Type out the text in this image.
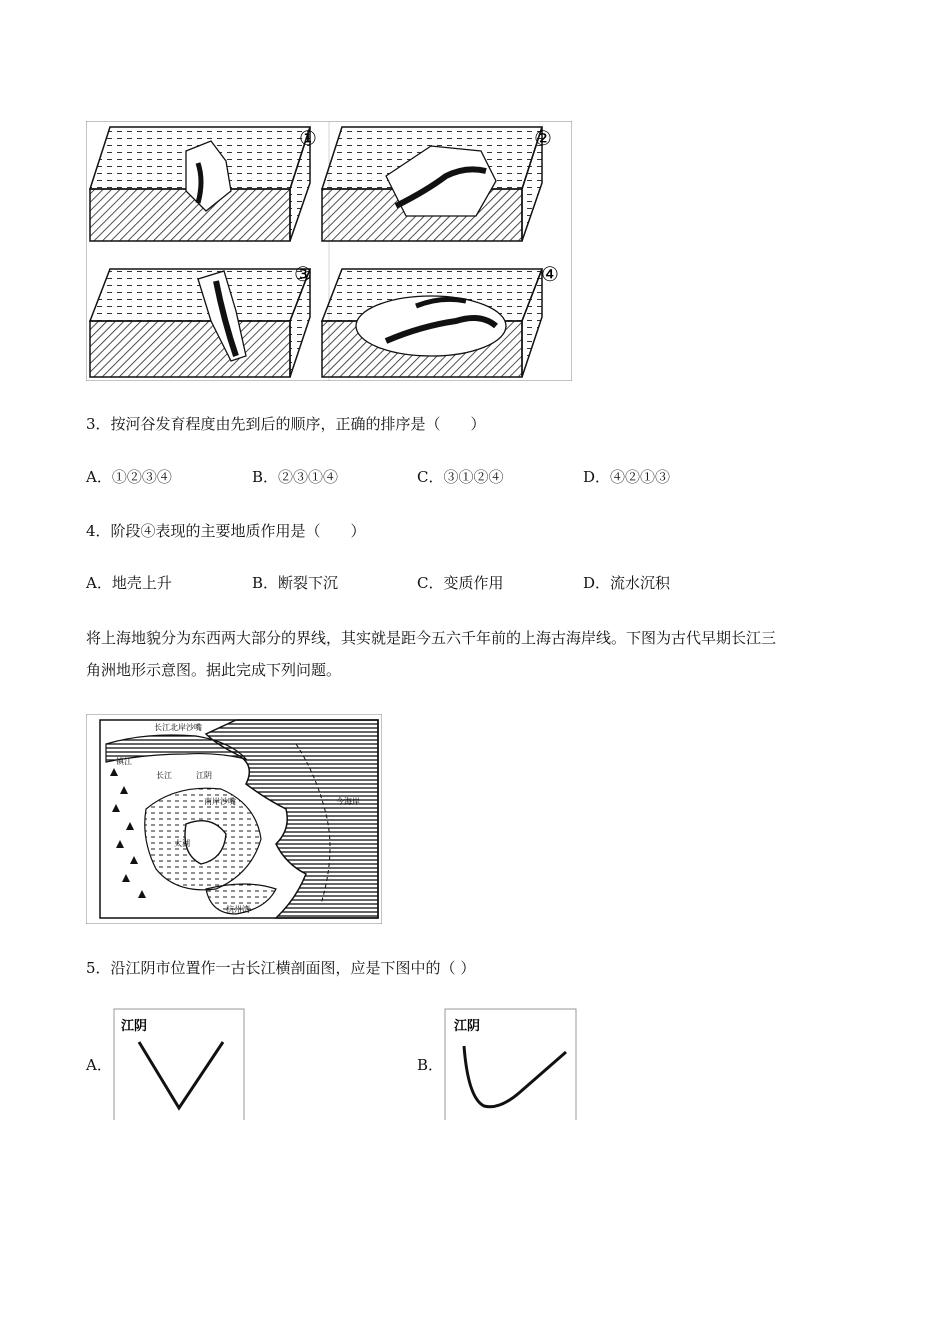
①	②
③	④
3．按河谷发育程度由先到后的顺序，正确的排序是（　　）
A．①②③④	B．②③①④	C．③①②④	D．④②①③
4．阶段④表现的主要地质作用是（　　）
A．地壳上升	B．断裂下沉	C．变质作用	D．流水沉积
将上海地貌分为东西两大部分的界线，其实就是距今五六千年前的上海古海岸线。下图为古代早期长江三
角洲地形示意图。据此完成下列问题。
长江北岸沙嘴
镇江
长江	江阴
南岸沙嘴
太湖
杭州湾
今海岸
5．沿江阴市位置作一古长江横剖面图，应是下图中的（ ）
A．
江阴
B．
江阴
